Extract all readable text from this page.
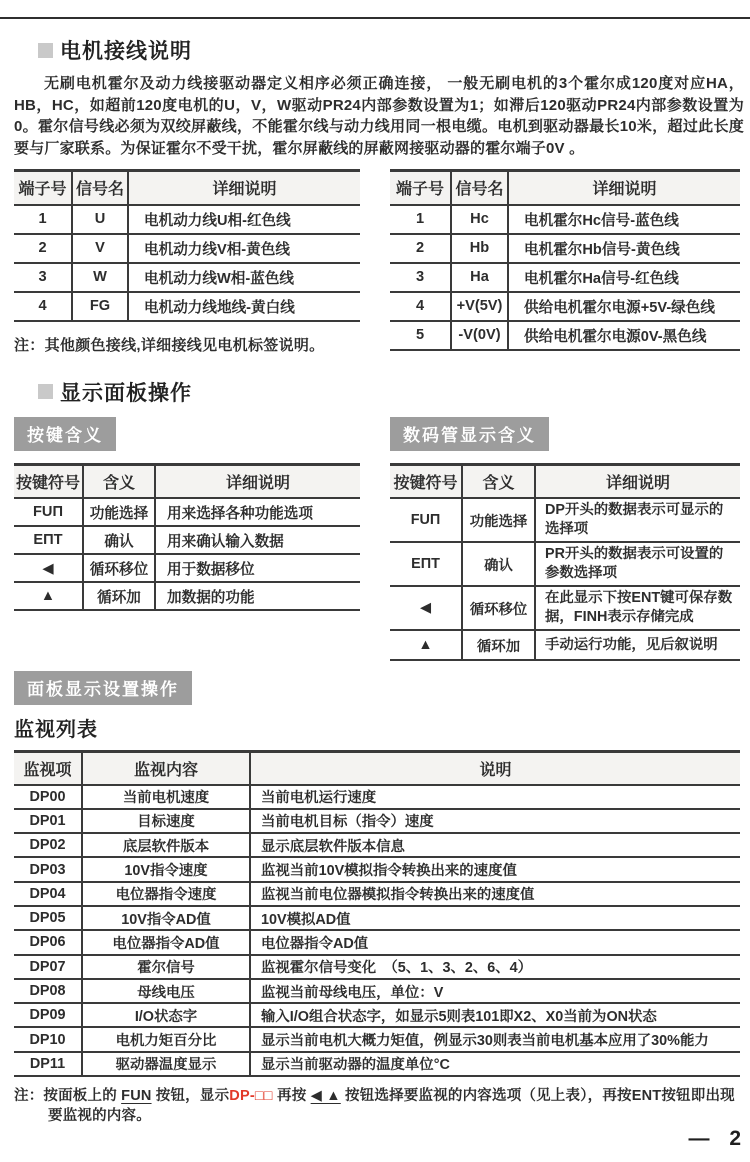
电机接线说明

无刷电机霍尔及动力线接驱动器定义相序必须正确连接， 一般无刷电机的3个霍尔成120度对应HA，HB，HC，如超前120度电机的U，V，W驱动PR24内部参数设置为1；如滞后120驱动PR24内部参数设置为0。霍尔信号线必须为双绞屏蔽线，不能霍尔线与动力线用同一根电缆。电机到驱动器最长10米，超过此长度要与厂家联系。为保证霍尔不受干扰，霍尔屏蔽线的屏蔽网接驱动器的霍尔端子0V 。

端子号	信号名	详细说明
1	U	电机动力线U相-红色线
2	V	电机动力线V相-黄色线
3	W	电机动力线W相-蓝色线
4	FG	电机动力线地线-黄白线
注：其他颜色接线,详细接线见电机标签说明。
端子号	信号名	详细说明
1	Hc	电机霍尔Hc信号-蓝色线
2	Hb	电机霍尔Hb信号-黄色线
3	Ha	电机霍尔Ha信号-红色线
4	+V(5V)	供给电机霍尔电源+5V-绿色线
5	-V(0V)	供给电机霍尔电源0V-黑色线
显示面板操作
按键含义	数码管显示含义
按键符号	含义	详细说明
FUΠ	功能选择	用来选择各种功能选项
EΠT	确认	用来确认输入数据
◀	循环移位	用于数据移位
▲	循环加	加数据的功能
按键符号	含义	详细说明
FUΠ	功能选择	DP开头的数据表示可显示的选择项
EΠT	确认	PR开头的数据表示可设置的参数选择项
◀	循环移位	在此显示下按ENT键可保存数据，FINH表示存储完成
▲	循环加	手动运行功能，见后叙说明
面板显示设置操作
监视列表
监视项	监视内容	说明
DP00	当前电机速度	当前电机运行速度
DP01	目标速度	当前电机目标（指令）速度
DP02	底层软件版本	显示底层软件版本信息
DP03	10V指令速度	监视当前10V模拟指令转换出来的速度值
DP04	电位器指令速度	监视当前电位器模拟指令转换出来的速度值
DP05	10V指令AD值	10V模拟AD值
DP06	电位器指令AD值	电位器指令AD值
DP07	霍尔信号	监视霍尔信号变化　（5、1、3、2、6、4）
DP08	母线电压	监视当前母线电压，单位：V
DP09	I/O状态字	输入I/O组合状态字，如显示5则表101即X2、X0当前为ON状态
DP10	电机力矩百分比	显示当前电机大概力矩值，例显示30则表当前电机基本应用了30%能力
DP11	驱动器温度显示	显示当前驱动器的温度单位°C

注：按面板上的 FUN 按钮，显示DP-□□ 再按 ◀ ▲ 按钮选择要监视的内容选项（见上表），再按ENT按钮即出现要监视的内容。

— 2
